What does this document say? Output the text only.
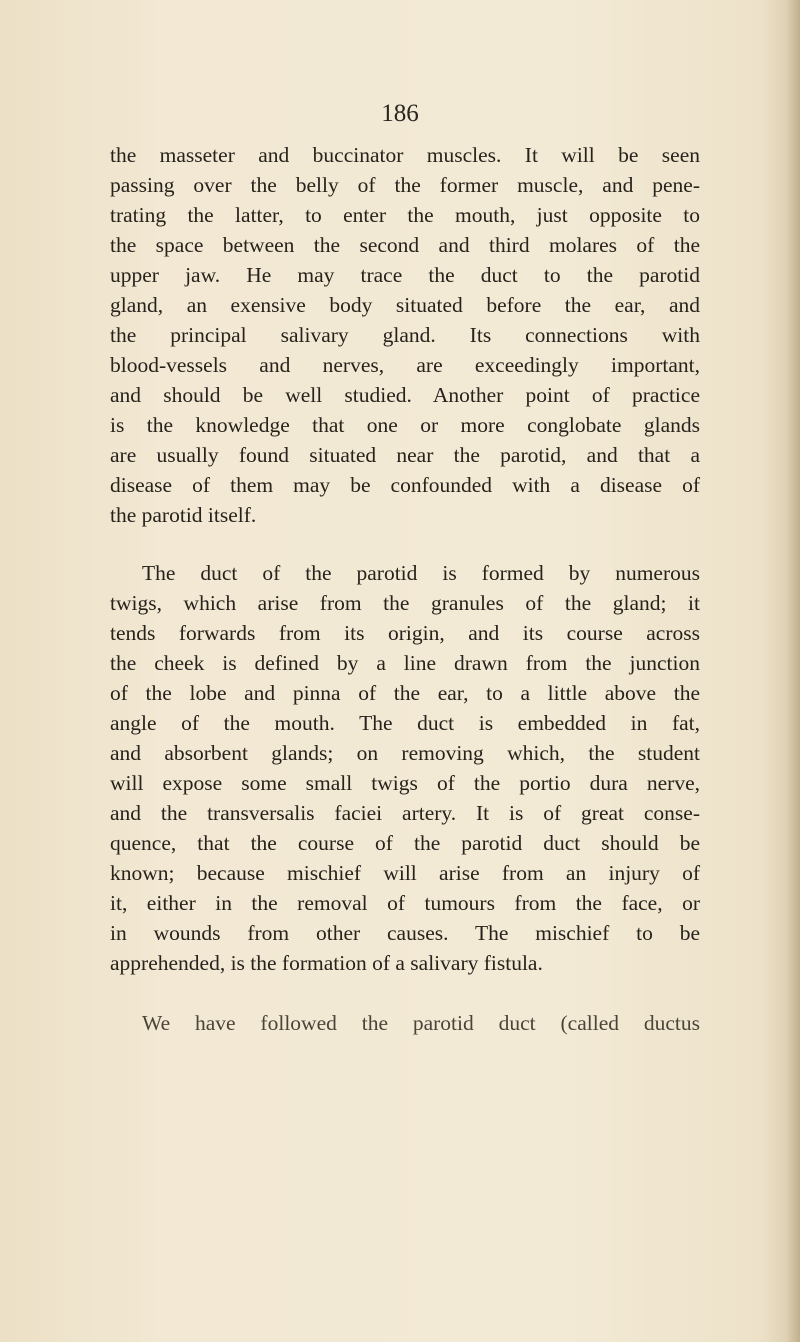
186
the masseter and buccinator muscles. It will be seen
passing over the belly of the former muscle, and pene-
trating the latter, to enter the mouth, just opposite to
the space between the second and third molares of the
upper jaw. He may trace the duct to the parotid
gland, an exensive body situated before the ear, and
the principal salivary gland. Its connections with
blood-vessels and nerves, are exceedingly important,
and should be well studied. Another point of practice
is the knowledge that one or more conglobate glands
are usually found situated near the parotid, and that a
disease of them may be confounded with a disease of
the parotid itself.
The duct of the parotid is formed by numerous
twigs, which arise from the granules of the gland; it
tends forwards from its origin, and its course across
the cheek is defined by a line drawn from the junction
of the lobe and pinna of the ear, to a little above the
angle of the mouth. The duct is embedded in fat,
and absorbent glands; on removing which, the student
will expose some small twigs of the portio dura nerve,
and the transversalis faciei artery. It is of great conse-
quence, that the course of the parotid duct should be
known; because mischief will arise from an injury of
it, either in the removal of tumours from the face, or
in wounds from other causes. The mischief to be
apprehended, is the formation of a salivary fistula.
We have followed the parotid duct (called ductus
